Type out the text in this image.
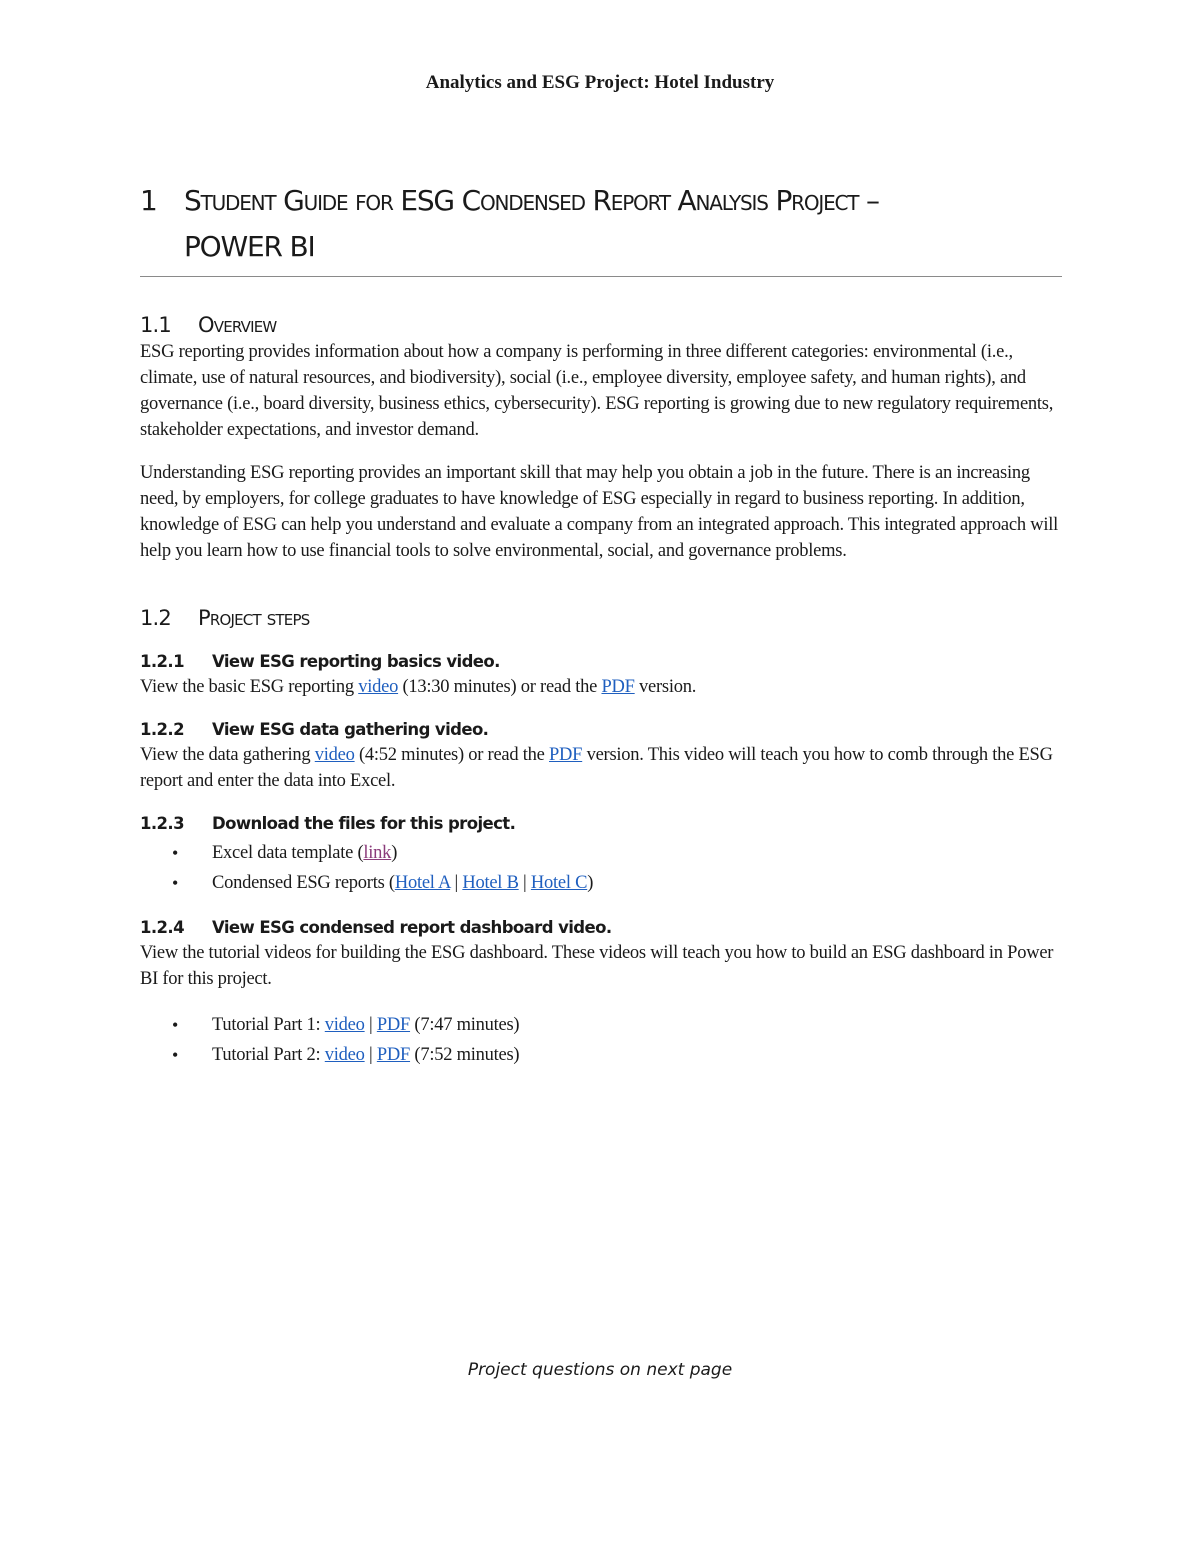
Analytics and ESG Project: Hotel Industry
1 Student Guide for ESG Condensed Report Analysis Project –
POWER BI
1.1	Overview

ESG reporting provides information about how a company is performing in three different categories: environmental (i.e., climate, use of natural resources, and biodiversity), social (i.e., employee diversity, employee safety, and human rights), and governance (i.e., board diversity, business ethics, cybersecurity). ESG reporting is growing due to new regulatory requirements, stakeholder expectations, and investor demand.

Understanding ESG reporting provides an important skill that may help you obtain a job in the future. There is an increasing need, by employers, for college graduates to have knowledge of ESG especially in regard to business reporting. In addition, knowledge of ESG can help you understand and evaluate a company from an integrated approach. This integrated approach will help you learn how to use financial tools to solve environmental, social, and governance problems.

1.2	Project steps
1.2.1	View ESG reporting basics video.

View the basic ESG reporting video (13:30 minutes) or read the PDF version.

1.2.2	View ESG data gathering video.

View the data gathering video (4:52 minutes) or read the PDF version. This video will teach you how to comb through the ESG report and enter the data into Excel.

1.2.3	Download the files for this project.
• Excel data template (link)
• Condensed ESG reports (Hotel A | Hotel B | Hotel C)
1.2.4	View ESG condensed report dashboard video.

View the tutorial videos for building the ESG dashboard. These videos will teach you how to build an ESG dashboard in Power BI for this project.

• Tutorial Part 1: video | PDF (7:47 minutes)
• Tutorial Part 2: video | PDF (7:52 minutes)
Project questions on next page
